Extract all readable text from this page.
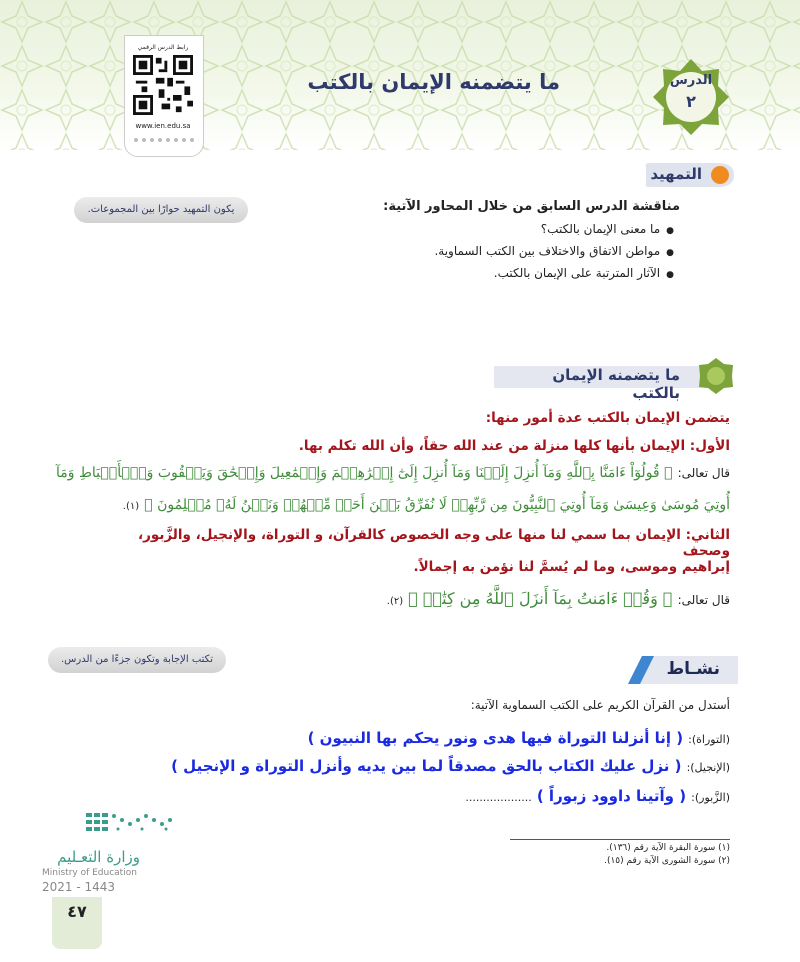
رابط الدرس الرقمي
www.ien.edu.sa
ما يتضمنه الإيمان بالكتب	الدرس
٢
التمهيد
يكون التمهيد حوارًا بين المجموعات.	مناقشة الدرس السابق من خلال المحاور الآتية:
● ما معنى الإيمان بالكتب؟
● مواطن الاتفاق والاختلاف بين الكتب السماوية.
● الآثار المترتبة على الإيمان بالكتب.
ما يتضمنه الإيمان بالكتب
يتضمن الإيمان بالكتب عدة أمور منها:
الأول: الإيمان بأنها كلها منزلة من عند الله حقاً، وأن الله تكلم بها.
قال تعالى: ﴿ قُولُوٓاْ ءَامَنَّا بِٱللَّهِ وَمَآ أُنزِلَ إِلَيۡنَا وَمَآ أُنزِلَ إِلَىٰٓ إِبۡرَٰهِـۧمَ وَإِسۡمَٰعِيلَ وَإِسۡحَٰقَ وَيَعۡقُوبَ وَٱلۡأَسۡبَاطِ وَمَآ
أُوتِيَ مُوسَىٰ وَعِيسَىٰ وَمَآ أُوتِيَ ٱلنَّبِيُّونَ مِن رَّبِّهِمۡ لَا نُفَرِّقُ بَيۡنَ أَحَدٖ مِّنۡهُمۡ وَنَحۡنُ لَهُۥ مُسۡلِمُونَ ﴾ (١).
الثاني: الإيمان بما سمي لنا منها على وجه الخصوص كالقرآن، و التوراة، والإنجيل، والزَّبور، وصحف
إبراهيم وموسى، وما لم يُسمَّ لنا نؤمن به إجمالاً.
قال تعالى: ﴿ وَقُلۡ ءَامَنتُ بِمَآ أَنزَلَ ٱللَّهُ مِن كِتَٰبٖ ﴾ (٢).
تكتب الإجابة وتكون جزءًا من الدرس.	نشـاط
أستدل من القرآن الكريم على الكتب السماوية الآتية:
(التوراة): ( إنا أنزلنا التوراة فيها هدى ونور يحكم بها النبيون )
(الإنجيل): ( نزل عليك الكتاب بالحق مصدقاً لما بين يديه وأنزل التوراة و الإنجيل )
(الزَّبور): ( وآتينا داوود زبوراً ) ...................
(١) سورة البقرة الآية رقم (١٣٦).
(٢) سورة الشورى الآية رقم (١٥).
وزارة التعـليم
Ministry of Education
2021 - 1443
٤٧
